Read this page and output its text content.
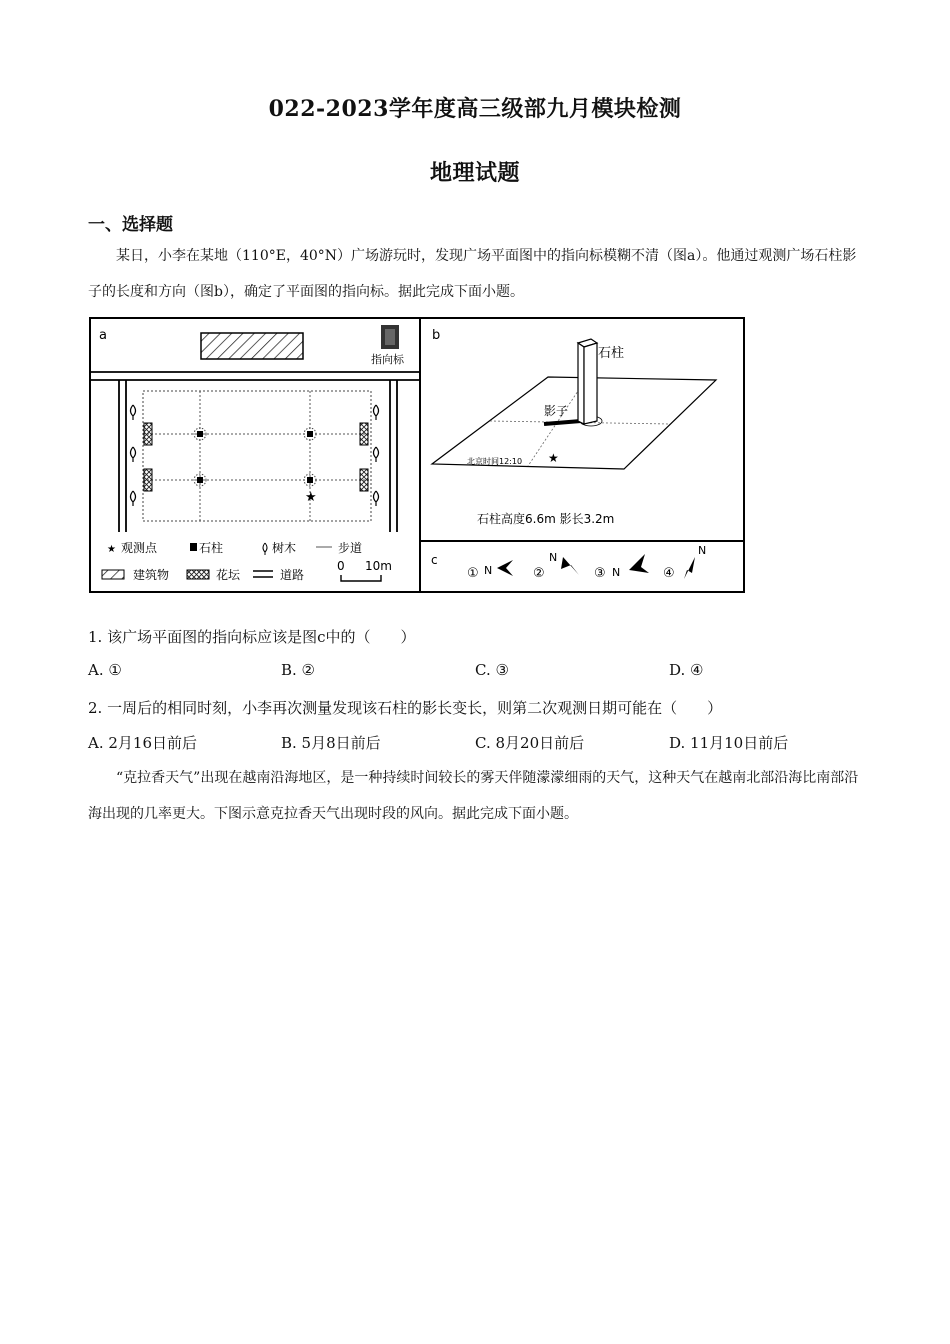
022-2023学年度高三级部九月模块检测
地理试题
一、选择题
某日，小李在某地（110°E，40°N）广场游玩时，发现广场平面图中的指向标模糊不清（图a）。他通过观测广场石柱影子的长度和方向（图b），确定了平面图的指向标。据此完成下面小题。
a
指向标
★
★ 观测点	石柱	树木	步道
建筑物	花坛	道路
0 10m
b
石柱
影子
★
北京时间12:10
石柱高度6.6m 影长3.2m
c
① N	②
N
③ N	④
N
1. 该广场平面图的指向标应该是图c中的（　　）
A. ①	B. ②	C. ③	D. ④
2. 一周后的相同时刻，小李再次测量发现该石柱的影长变长，则第二次观测日期可能在（　　）
A. 2月16日前后	B. 5月8日前后	C. 8月20日前后	D. 11月10日前后
“克拉香天气”出现在越南沿海地区，是一种持续时间较长的雾天伴随濛濛细雨的天气，这种天气在越南北部沿海比南部沿海出现的几率更大。下图示意克拉香天气出现时段的风向。据此完成下面小题。
